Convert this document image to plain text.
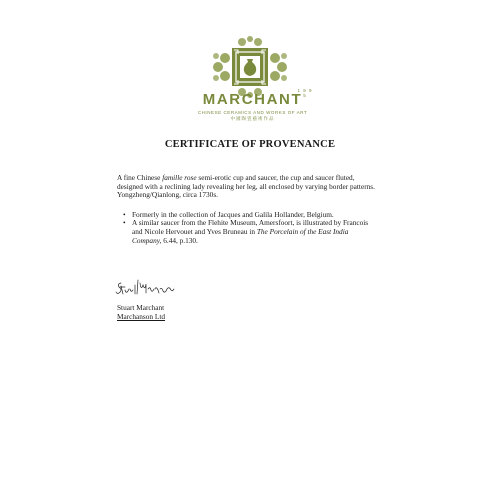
1 9 9 5
MARCHANT
CHINESE CERAMICS AND WORKS OF ART
中國陶瓷藝術作品
CERTIFICATE OF PROVENANCE

A fine Chinese famille rose semi-erotic cup and saucer, the cup and saucer fluted, designed with a reclining lady revealing her leg, all enclosed by varying border patterns.

Yongzheng/Qianlong, circa 1730s.

• Formerly in the collection of Jacques and Galila Hollander, Belgium.
• A similar saucer from the Flehite Museum, Amersfoort, is illustrated by Francois and Nicole Hervouet and Yves Bruneau in The Porcelain of the East India Company, 6.44, p.130.
Stuart Marchant
Marchanson Ltd
